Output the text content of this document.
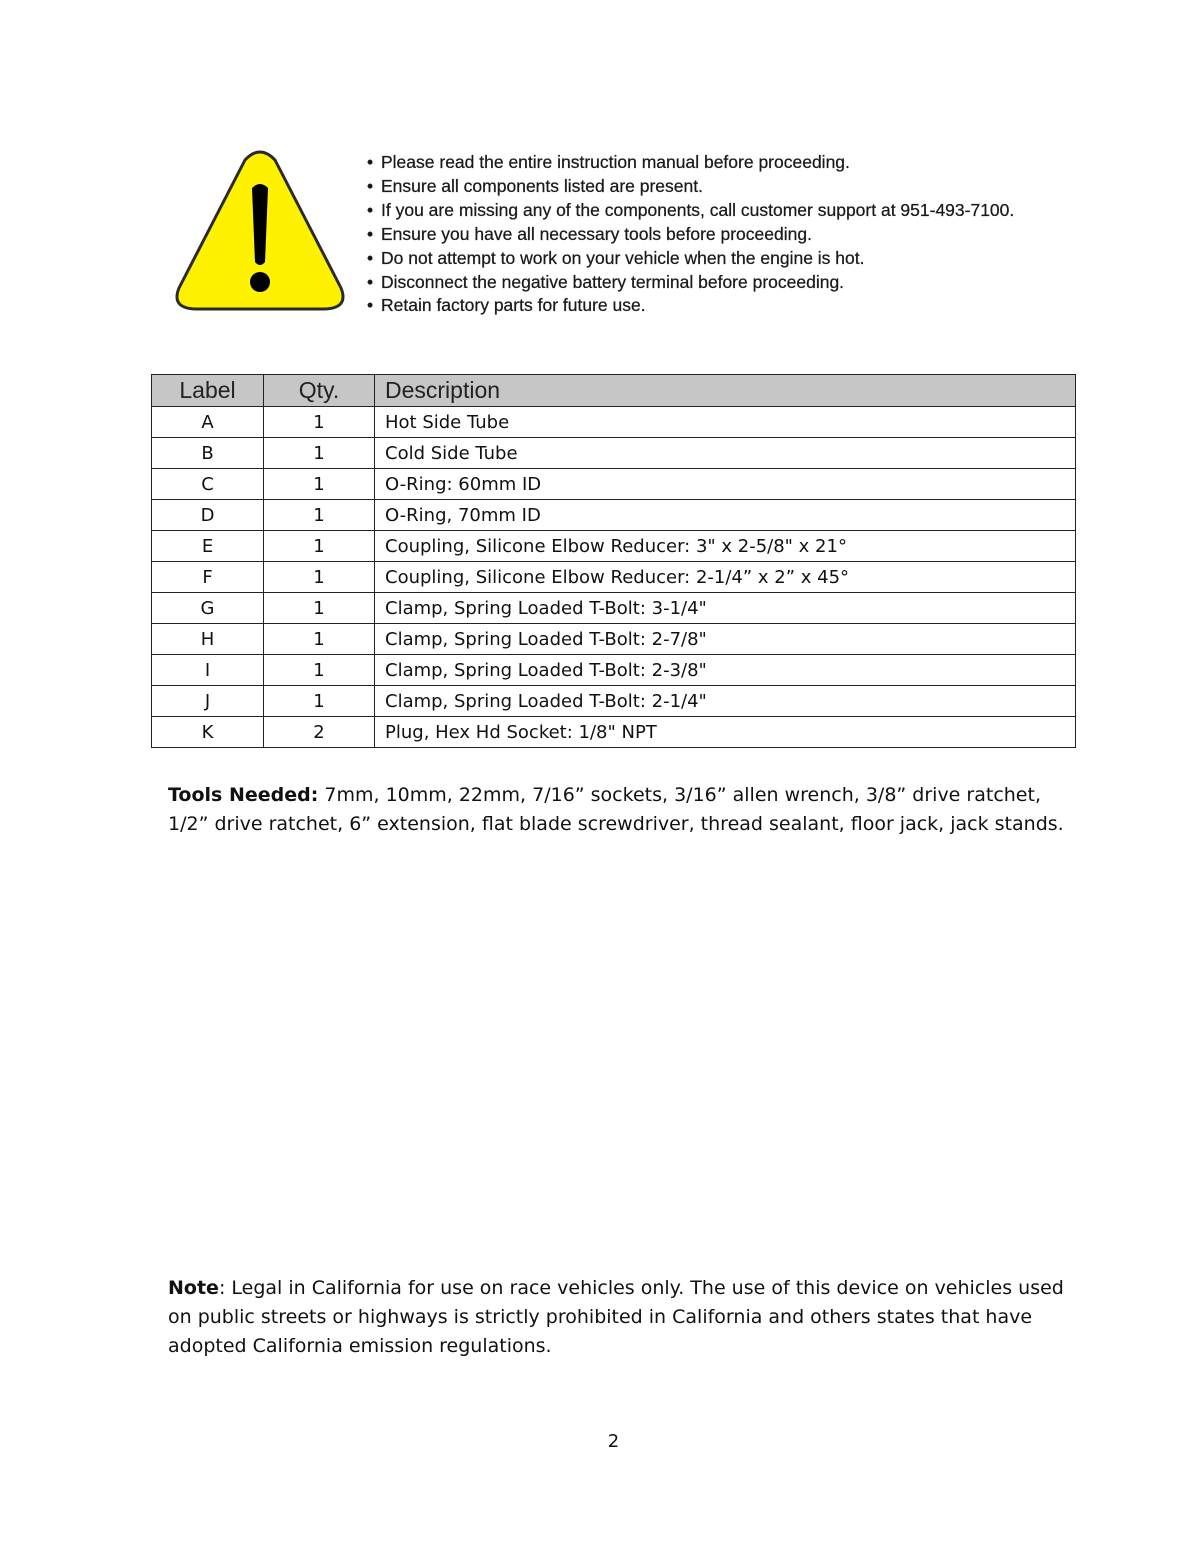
• Please read the entire instruction manual before proceeding.
• Ensure all components listed are present.
• If you are missing any of the components, call customer support at 951-493-7100.
• Ensure you have all necessary tools before proceeding.
• Do not attempt to work on your vehicle when the engine is hot.
• Disconnect the negative battery terminal before proceeding.
• Retain factory parts for future use.
Label	Qty.	Description
A	1	Hot Side Tube
B	1	Cold Side Tube
C	1	O-Ring: 60mm ID
D	1	O-Ring, 70mm ID
E	1	Coupling, Silicone Elbow Reducer: 3" x 2-5/8" x 21°
F	1	Coupling, Silicone Elbow Reducer: 2-1/4” x 2” x 45°
G	1	Clamp, Spring Loaded T-Bolt: 3-1/4"
H	1	Clamp, Spring Loaded T-Bolt: 2-7/8"
I	1	Clamp, Spring Loaded T-Bolt: 2-3/8"
J	1	Clamp, Spring Loaded T-Bolt: 2-1/4"
K	2	Plug, Hex Hd Socket: 1/8" NPT

Tools Needed: 7mm, 10mm, 22mm, 7/16” sockets, 3/16” allen wrench, 3/8” drive ratchet, 1/2” drive ratchet, 6” extension, flat blade screwdriver, thread sealant, floor jack, jack stands.

Note: Legal in California for use on race vehicles only. The use of this device on vehicles used on public streets or highways is strictly prohibited in California and others states that have adopted California emission regulations.

2
